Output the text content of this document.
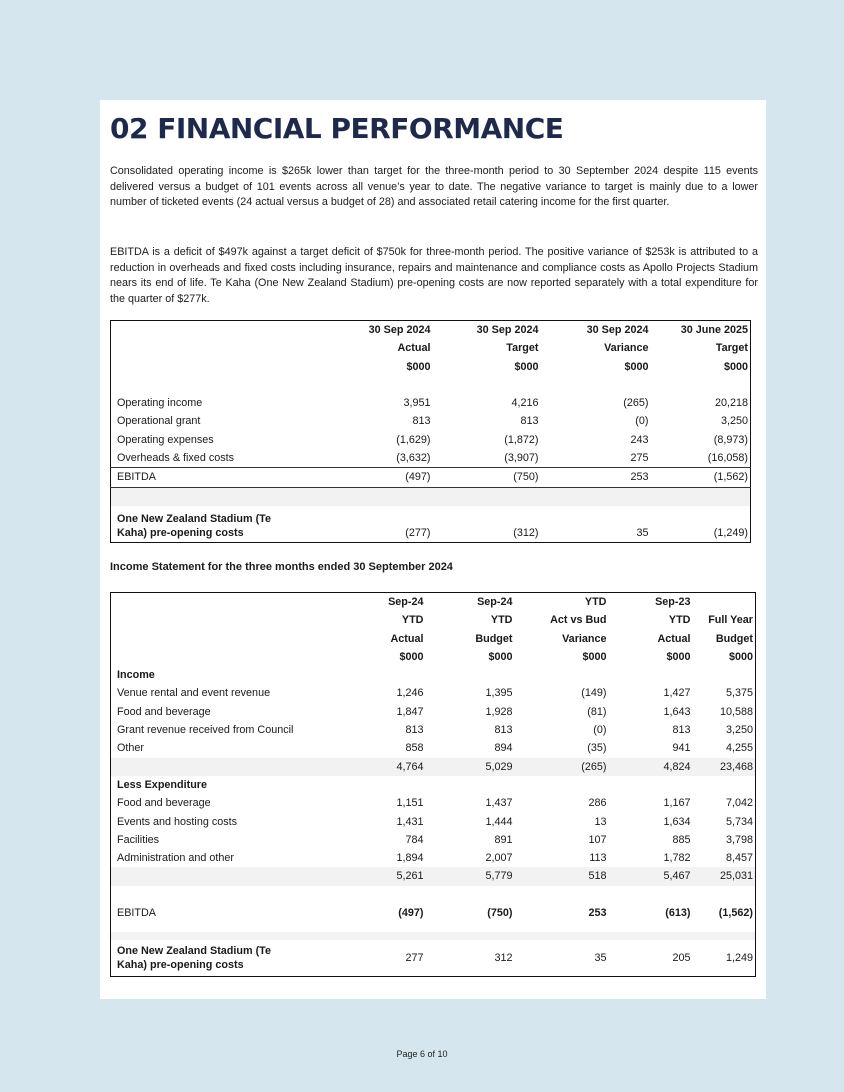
02 FINANCIAL PERFORMANCE

Consolidated operating income is $265k lower than target for the three-month period to 30 September 2024 despite 115 events delivered versus a budget of 101 events across all venue’s year to date. The negative variance to target is mainly due to a lower number of ticketed events (24 actual versus a budget of 28) and associated retail catering income for the first quarter.

EBITDA is a deficit of $497k against a target deficit of $750k for three-month period. The positive variance of $253k is attributed to a reduction in overheads and fixed costs including insurance, repairs and maintenance and compliance costs as Apollo Projects Stadium nears its end of life. Te Kaha (One New Zealand Stadium) pre-opening costs are now reported separately with a total expenditure for the quarter of $277k.

	30 Sep 2024	30 Sep 2024	30 Sep 2024	30 June 2025
	Actual	Target	Variance	Target
	$000	$000	$000	$000

Operating income	3,951	4,216	(265)	20,218
Operational grant	813	813	(0)	3,250
Operating expenses	(1,629)	(1,872)	243	(8,973)
Overheads & fixed costs	(3,632)	(3,907)	275	(16,058)
EBITDA	(497)	(750)	253	(1,562)

One New Zealand Stadium (Te
Kaha) pre-opening costs	(277)	(312)	35	(1,249)

Income Statement for the three months ended 30 September 2024

	Sep-24	Sep-24	YTD	Sep-23	
	YTD	YTD	Act vs Bud	YTD	Full Year
	Actual	Budget	Variance	Actual	Budget
	$000	$000	$000	$000	$000
Income					
Venue rental and event revenue	1,246	1,395	(149)	1,427	5,375
Food and beverage	1,847	1,928	(81)	1,643	10,588
Grant revenue received from Council	813	813	(0)	813	3,250
Other	858	894	(35)	941	4,255
	4,764	5,029	(265)	4,824	23,468
Less Expenditure					
Food and beverage	1,151	1,437	286	1,167	7,042
Events and hosting costs	1,431	1,444	13	1,634	5,734
Facilities	784	891	107	885	3,798
Administration and other	1,894	2,007	113	1,782	8,457
	5,261	5,779	518	5,467	25,031

EBITDA	(497)	(750)	253	(613)	(1,562)

One New Zealand Stadium (Te
Kaha) pre-opening costs	277	312	35	205	1,249
Page 6 of 10
